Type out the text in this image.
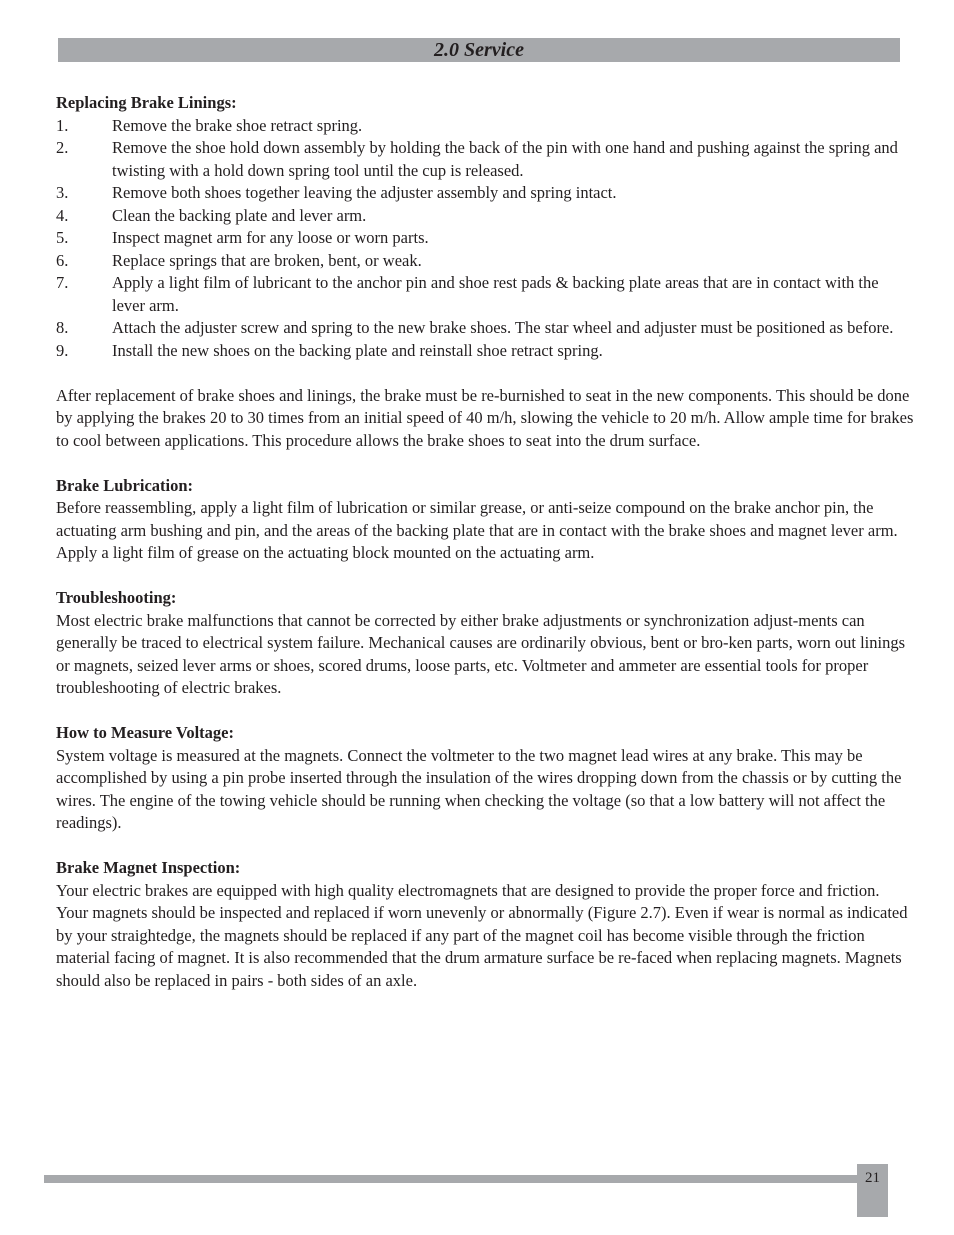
2.0 Service

Replacing Brake Linings:

1.	Remove the brake shoe retract spring.
2.	Remove the shoe hold down assembly by holding the back of the pin with one hand and pushing against the spring and twisting with a hold down spring tool until the cup is released.
3.	Remove both shoes together leaving the adjuster assembly and spring intact.
4.	Clean the backing plate and lever arm.
5.	Inspect magnet arm for any loose or worn parts.
6.	Replace springs that are broken, bent, or weak.
7.	Apply a light film of lubricant to the anchor pin and shoe rest pads & backing plate areas that are in contact with the lever arm.
8.	Attach the adjuster screw and spring to the new brake shoes. The star wheel and adjuster must be positioned as before.
9.	Install the new shoes on the backing plate and reinstall shoe retract spring.

After replacement of brake shoes and linings, the brake must be re-burnished to seat in the new components. This should be done by applying the brakes 20 to 30 times from an initial speed of 40 m/h, slowing the vehicle to 20 m/h. Allow ample time for brakes to cool between applications. This procedure allows the brake shoes to seat into the drum surface.

Brake Lubrication:

Before reassembling, apply a light film of lubrication or similar grease, or anti-seize compound on the brake anchor pin, the actuating arm bushing and pin, and the areas of the backing plate that are in contact with the brake shoes and magnet lever arm. Apply a light film of grease on the actuating block mounted on the actuating arm.

Troubleshooting:

Most electric brake malfunctions that cannot be corrected by either brake adjustments or synchronization adjust-ments can generally be traced to electrical system failure. Mechanical causes are ordinarily obvious, bent or bro-ken parts, worn out linings or magnets, seized lever arms or shoes, scored drums, loose parts, etc. Voltmeter and ammeter are essential tools for proper troubleshooting of electric brakes.

How to Measure Voltage:

System voltage is measured at the magnets. Connect the voltmeter to the two magnet lead wires at any brake. This may be accomplished by using a pin probe inserted through the insulation of the wires dropping down from the chassis or by cutting the wires. The engine of the towing vehicle should be running when checking the voltage (so that a low battery will not affect the readings).

Brake Magnet Inspection:

Your electric brakes are equipped with high quality electromagnets that are designed to provide the proper force and friction. Your magnets should be inspected and replaced if worn unevenly or abnormally (Figure 2.7). Even if wear is normal as indicated by your straightedge, the magnets should be replaced if any part of the magnet coil has become visible through the friction material facing of magnet. It is also recommended that the drum armature surface be re-faced when replacing magnets. Magnets should also be replaced in pairs - both sides of an axle.

21
